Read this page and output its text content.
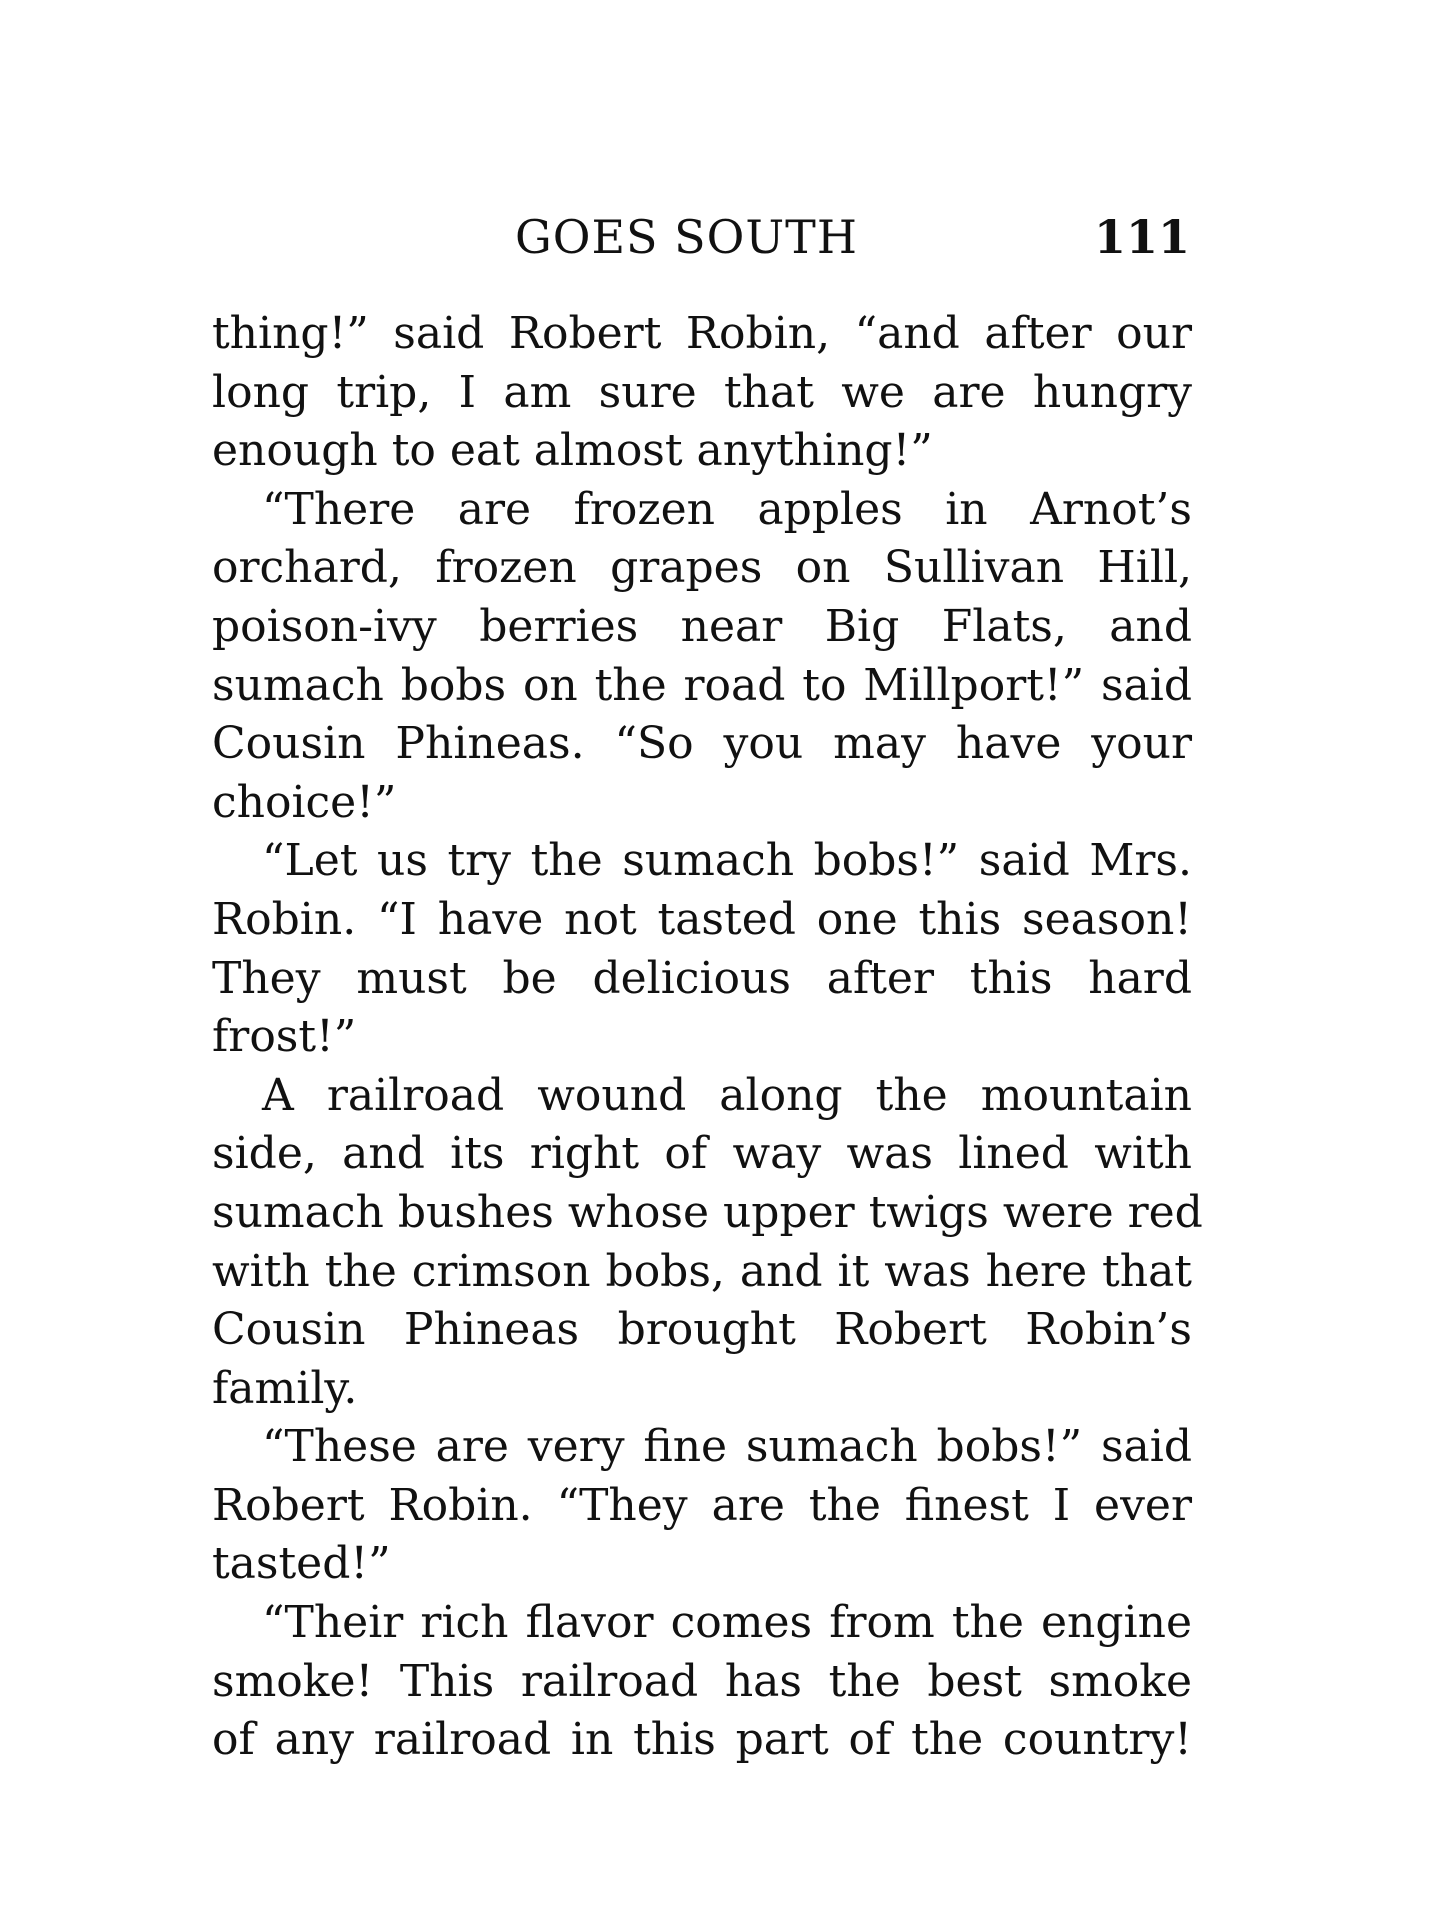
GOES SOUTH	111
thing!” said Robert Robin, “and after our
long trip, I am sure that we are hungry
enough to eat almost anything!”
“There are frozen apples in Arnot’s
orchard, frozen grapes on Sullivan Hill,
poison-ivy berries near Big Flats, and
sumach bobs on the road to Millport!” said
Cousin Phineas. “So you may have your
choice!”
“Let us try the sumach bobs!” said Mrs.
Robin. “I have not tasted one this season!
They must be delicious after this hard
frost!”
A railroad wound along the mountain
side, and its right of way was lined with
sumach bushes whose upper twigs were red
with the crimson bobs, and it was here that
Cousin Phineas brought Robert Robin’s
family.
“These are very fine sumach bobs!” said
Robert Robin. “They are the finest I ever
tasted!”
“Their rich flavor comes from the engine
smoke! This railroad has the best smoke
of any railroad in this part of the country!
